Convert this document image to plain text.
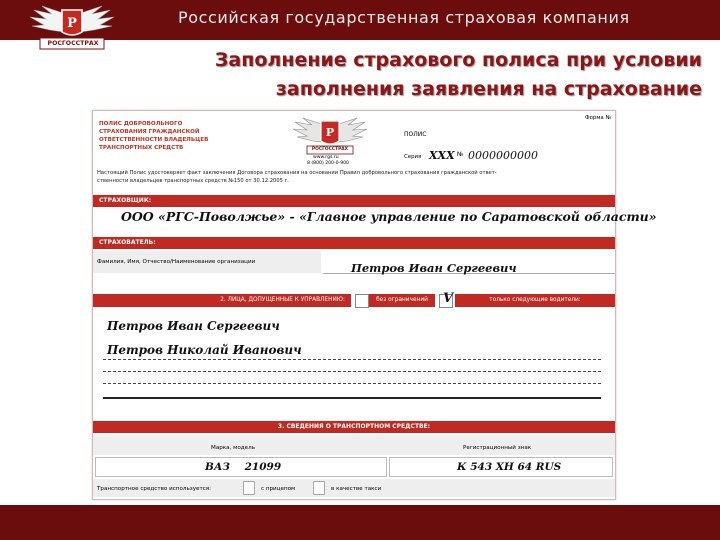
Р
РОСГОССТРАХ
Российская государственная страховая компания
Заполнение страхового полиса при условии
заполнения заявления на страхование
ПОЛИС ДОБРОВОЛЬНОГО
СТРАХОВАНИЯ ГРАЖДАНСКОЙ
ОТВЕТСТВЕННОСТИ ВЛАДЕЛЬЦЕВ
ТРАНСПОРТНЫХ СРЕДСТВ
Форма №
Р
РОСГОССТРАХ
www.rgs.ru
8 (800) 200-0-900
ПОЛИС
Серия XXX № 0000000000
Настоящий Полис удостоверяет факт заключения Договора страхования на основании Правил добровольного страхования гражданской ответ-
ственности владельцев транспортных средств №150 от 30.12.2005 г.
СТРАХОВЩИК:
ООО «РГС-Поволжье» - «Главное управление по Саратовской области»
СТРАХОВАТЕЛЬ:
Фамилия, Имя, Отчество/Наименование организации	Петров Иван Сергеевич
2. ЛИЦА, ДОПУЩЕННЫЕ К УПРАВЛЕНИЮ:	без ограничений	V	только следующие водители:
Петров Иван Сергеевич
Петров Николай Иванович
3. СВЕДЕНИЯ О ТРАНСПОРТНОМ СРЕДСТВЕ:
Марка, модель	Регистрационный знак
ВАЗ    21099	К 543 ХН 64 RUS
Транспортное средство используется:	с прицепом	в качестве такси
